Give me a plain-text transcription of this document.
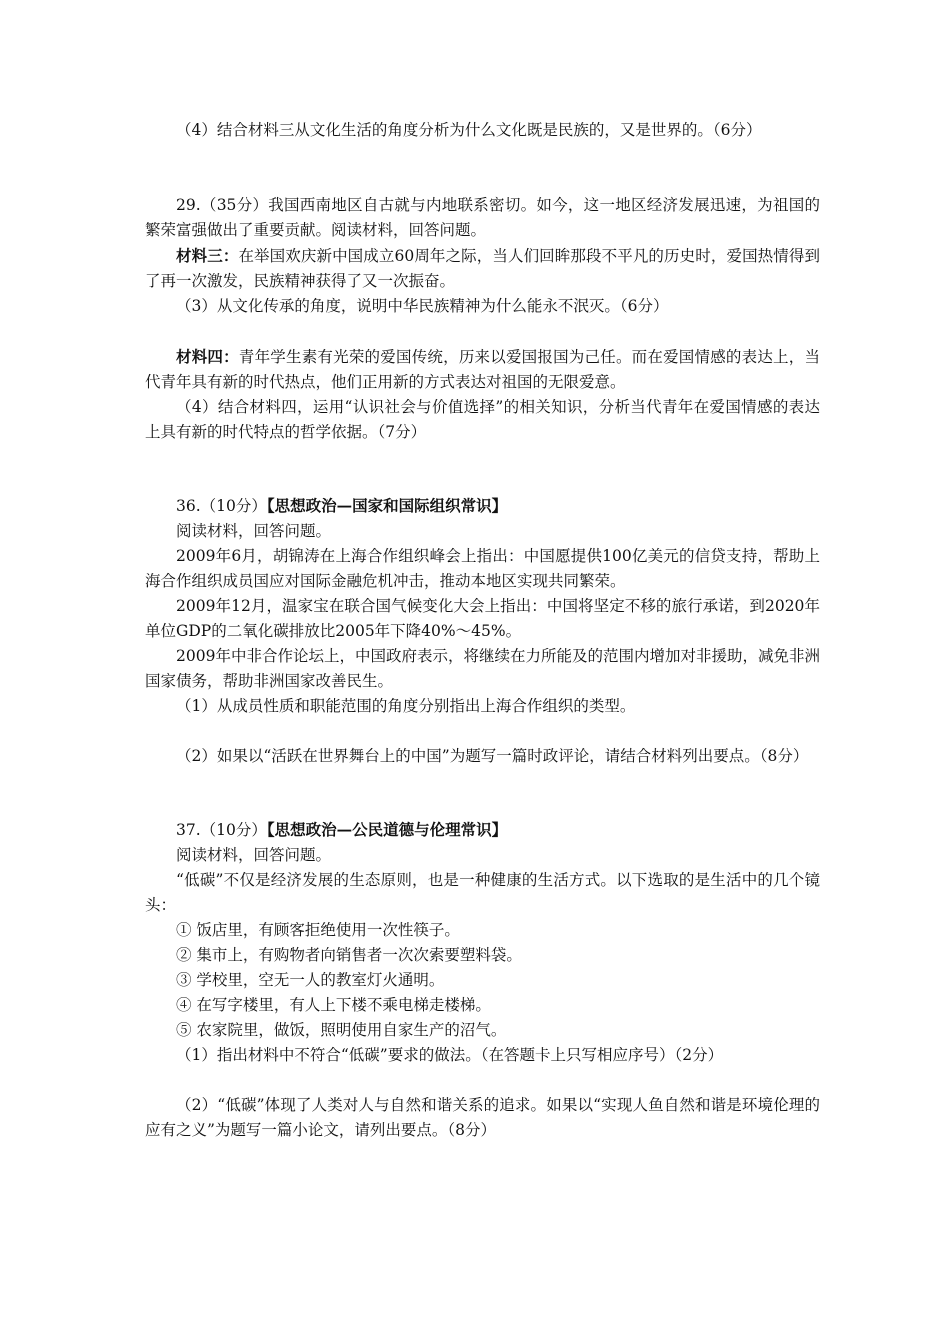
（4）结合材料三从文化生活的角度分析为什么文化既是民族的，又是世界的。（6分）

29.（35分）我国西南地区自古就与内地联系密切。如今，这一地区经济发展迅速，为祖国的繁荣富强做出了重要贡献。阅读材料，回答问题。

材料三：在举国欢庆新中国成立60周年之际，当人们回眸那段不平凡的历史时，爱国热情得到了再一次激发，民族精神获得了又一次振奋。

（3）从文化传承的角度，说明中华民族精神为什么能永不泯灭。（6分）

材料四：青年学生素有光荣的爱国传统，历来以爱国报国为己任。而在爱国情感的表达上，当代青年具有新的时代热点，他们正用新的方式表达对祖国的无限爱意。

（4）结合材料四，运用“认识社会与价值选择”的相关知识，分析当代青年在爱国情感的表达上具有新的时代特点的哲学依据。（7分）

36.（10分）【思想政治—国家和国际组织常识】

阅读材料，回答问题。

2009年6月，胡锦涛在上海合作组织峰会上指出：中国愿提供100亿美元的信贷支持，帮助上海合作组织成员国应对国际金融危机冲击，推动本地区实现共同繁荣。

2009年12月，温家宝在联合国气候变化大会上指出：中国将坚定不移的旅行承诺，到2020年单位GDP的二氧化碳排放比2005年下降40%～45%。

2009年中非合作论坛上，中国政府表示，将继续在力所能及的范围内增加对非援助，减免非洲国家债务，帮助非洲国家改善民生。

（1）从成员性质和职能范围的角度分别指出上海合作组织的类型。

（2）如果以“活跃在世界舞台上的中国”为题写一篇时政评论，请结合材料列出要点。（8分）

37.（10分）【思想政治—公民道德与伦理常识】

阅读材料，回答问题。

“低碳”不仅是经济发展的生态原则，也是一种健康的生活方式。以下选取的是生活中的几个镜头：

① 饭店里，有顾客拒绝使用一次性筷子。

② 集市上，有购物者向销售者一次次索要塑料袋。

③ 学校里，空无一人的教室灯火通明。

④ 在写字楼里，有人上下楼不乘电梯走楼梯。

⑤ 农家院里，做饭，照明使用自家生产的沼气。

（1）指出材料中不符合“低碳”要求的做法。（在答题卡上只写相应序号）（2分）

（2）“低碳”体现了人类对人与自然和谐关系的追求。如果以“实现人鱼自然和谐是环境伦理的应有之义”为题写一篇小论文，请列出要点。（8分）
